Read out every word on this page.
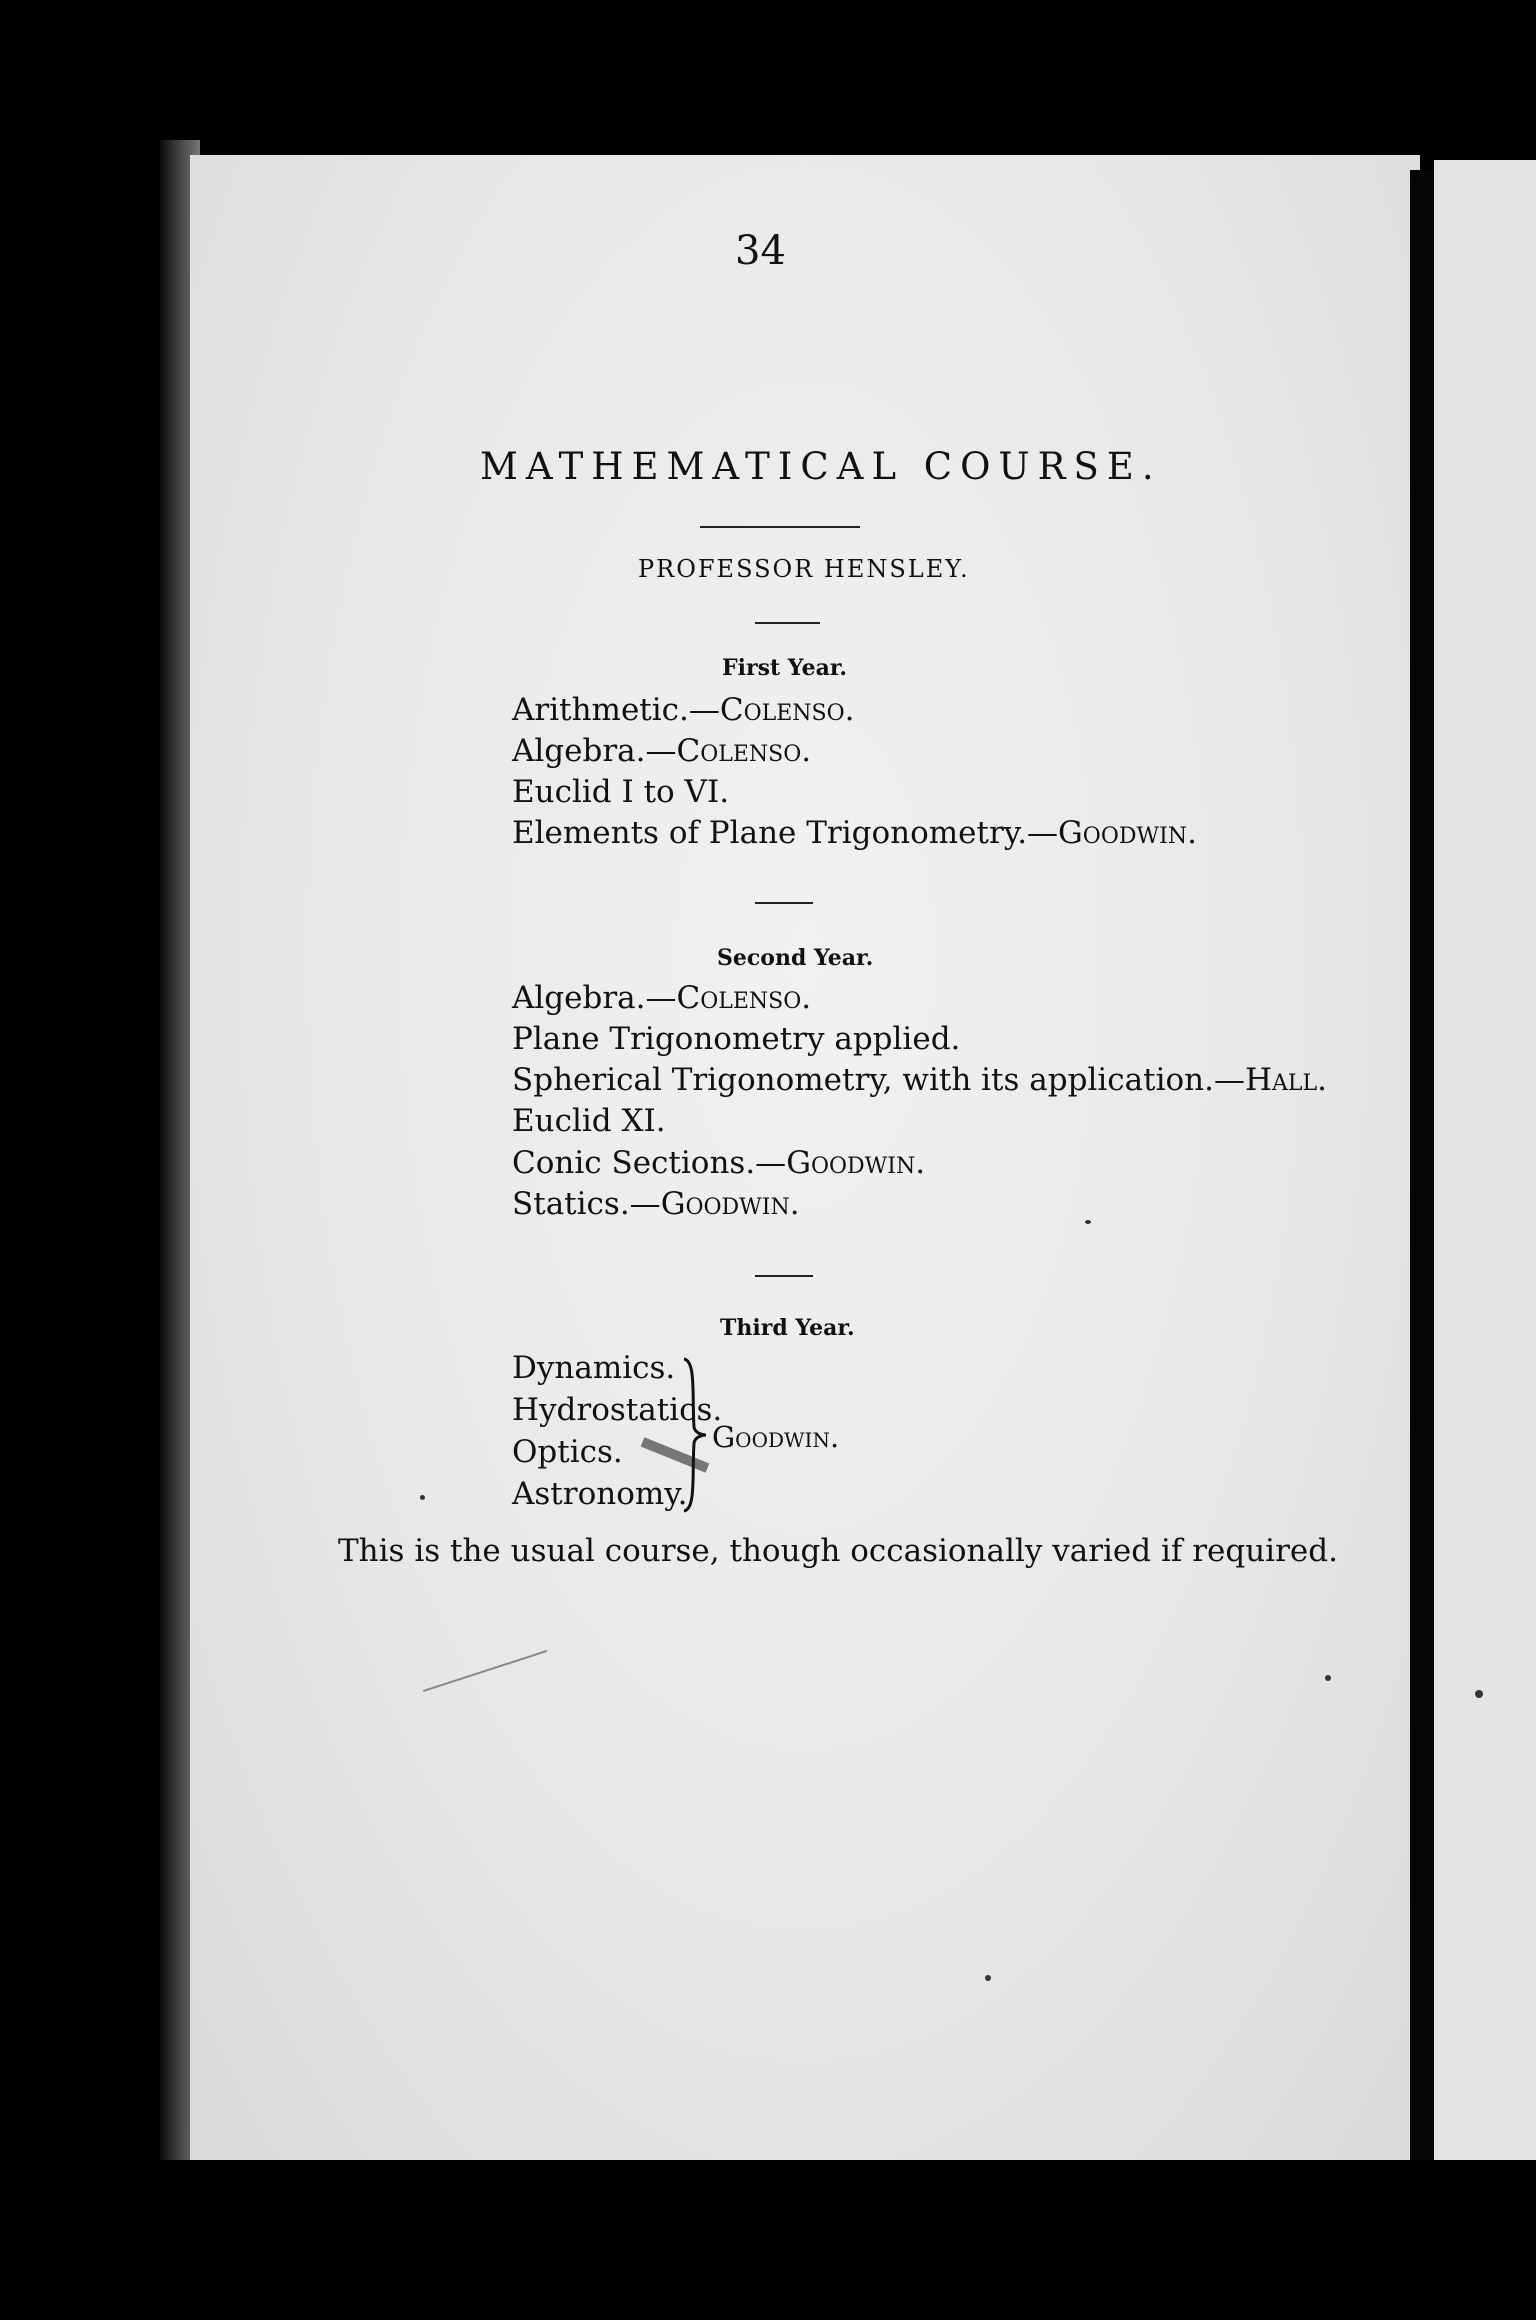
34
MATHEMATICAL COURSE.
PROFESSOR HENSLEY.
First Year.
Arithmetic.—Colenso.
Algebra.—Colenso.
Euclid I to VI.
Elements of Plane Trigonometry.—Goodwin.
Second Year.
Algebra.—Colenso.
Plane Trigonometry applied.
Spherical Trigonometry, with its application.—Hall.
Euclid XI.
Conic Sections.—Goodwin.
Statics.—Goodwin.
Third Year.
Dynamics.
Hydrostatics.
Optics.
Astronomy.
Goodwin.
This is the usual course, though occasionally varied if required.
